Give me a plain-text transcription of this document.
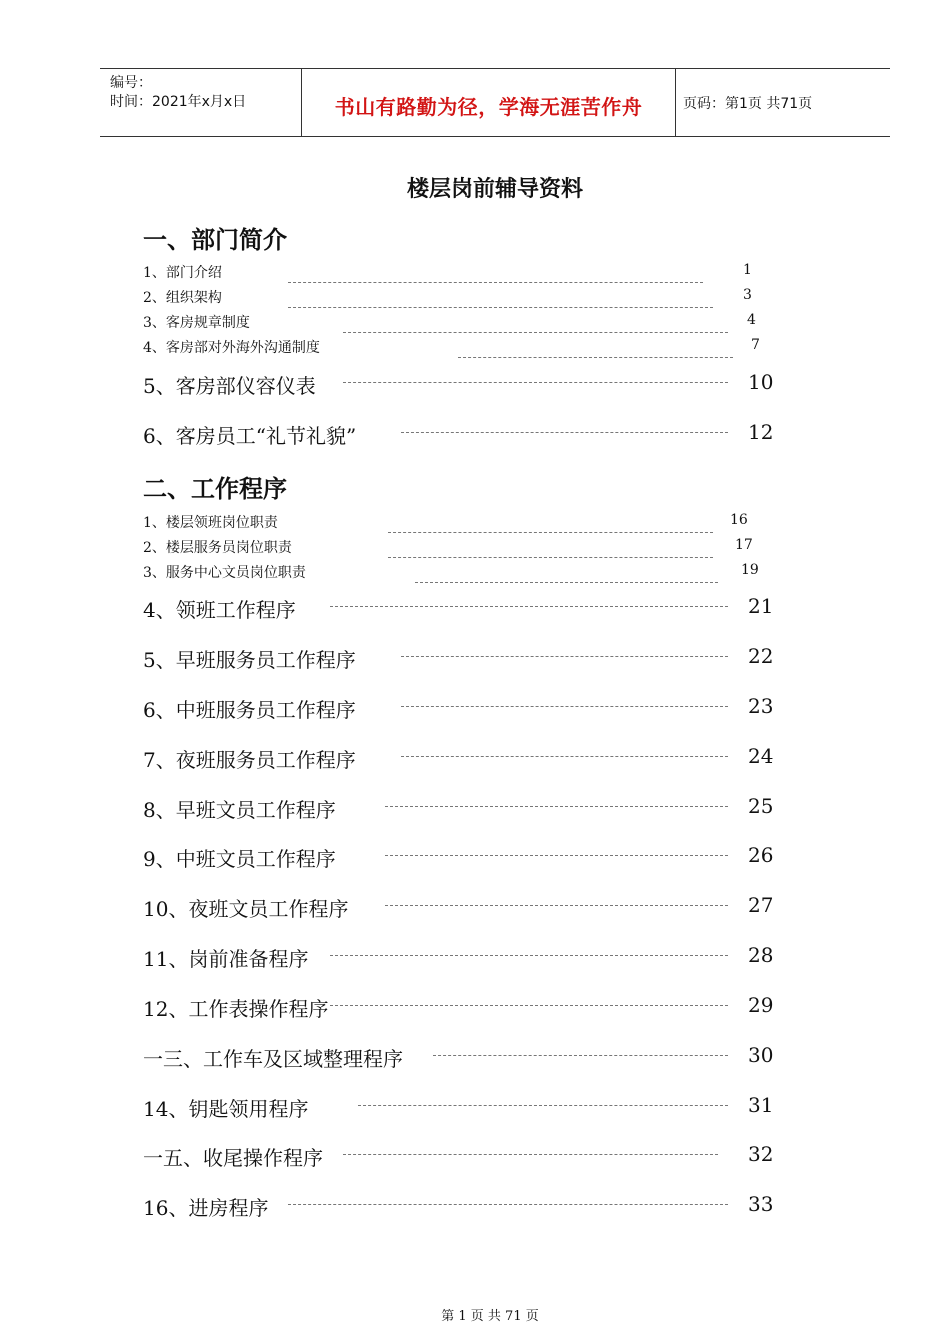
编号：
时间：2021年x月x日	书山有路勤为径，学海无涯苦作舟	页码：第1页 共71页
楼层岗前辅导资料
一、部门简介
1、部门介绍	1
2、组织架构	3
3、客房规章制度	4
4、客房部对外海外沟通制度	7
5、客房部仪容仪表	10
6、客房员工“礼节礼貌”	12
二、工作程序
1、楼层领班岗位职责	16
2、楼层服务员岗位职责	17
3、服务中心文员岗位职责	19
4、领班工作程序	21
5、早班服务员工作程序	22
6、中班服务员工作程序	23
7、夜班服务员工作程序	24
8、早班文员工作程序	25
9、中班文员工作程序	26
10、夜班文员工作程序	27
11、岗前准备程序	28
12、工作表操作程序	29
一三、工作车及区域整理程序	30
14、钥匙领用程序	31
一五、收尾操作程序	32
16、进房程序	33
第 1 页 共 71 页
